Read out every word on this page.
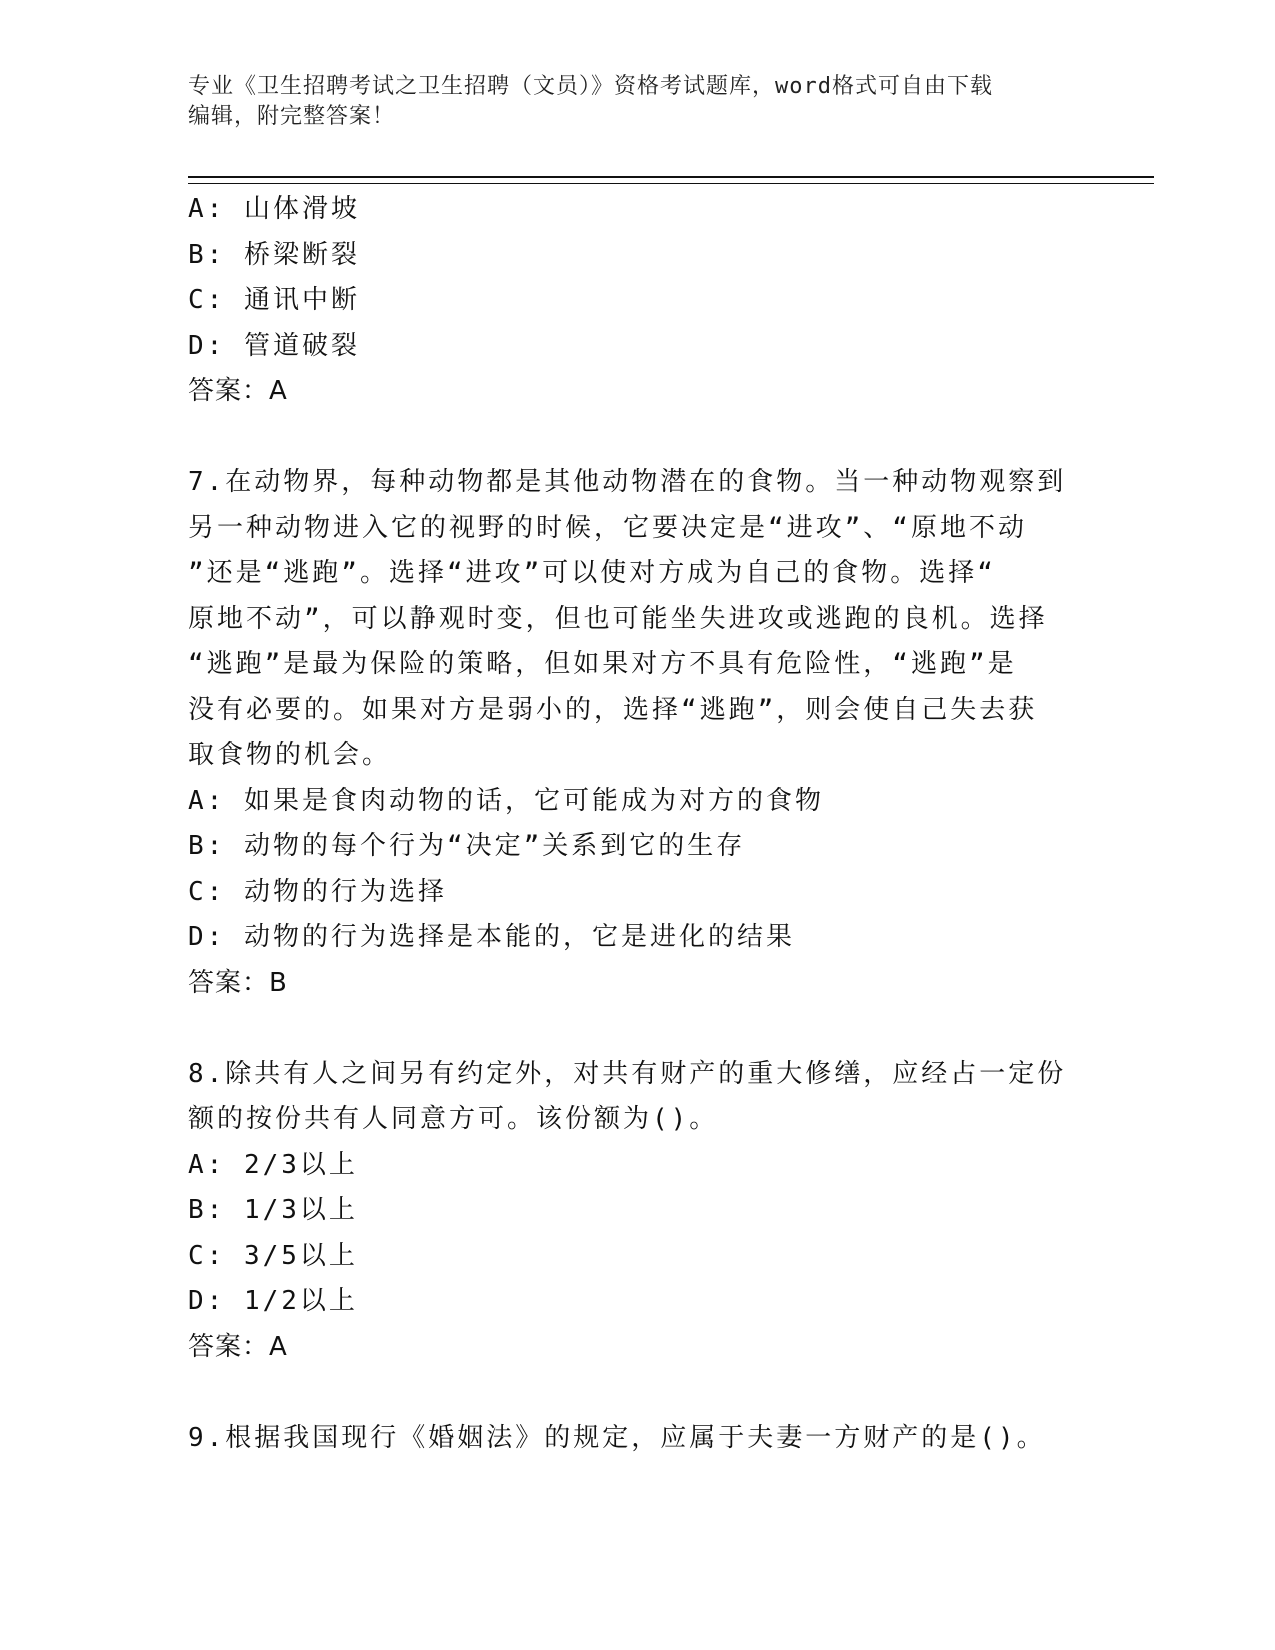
专业《卫生招聘考试之卫生招聘（文员）》资格考试题库，word格式可自由下载
编辑，附完整答案！
A: 山体滑坡
B: 桥梁断裂
C: 通讯中断
D: 管道破裂
答案：A
7.在动物界，每种动物都是其他动物潜在的食物。当一种动物观察到
另一种动物进入它的视野的时候，它要决定是“进攻”、“原地不动
”还是“逃跑”。选择“进攻”可以使对方成为自己的食物。选择“
原地不动”，可以静观时变，但也可能坐失进攻或逃跑的良机。选择
“逃跑”是最为保险的策略，但如果对方不具有危险性，“逃跑”是
没有必要的。如果对方是弱小的，选择“逃跑”，则会使自己失去获
取食物的机会。
A: 如果是食肉动物的话，它可能成为对方的食物
B: 动物的每个行为“决定”关系到它的生存
C: 动物的行为选择
D: 动物的行为选择是本能的，它是进化的结果
答案：B
8.除共有人之间另有约定外，对共有财产的重大修缮，应经占一定份
额的按份共有人同意方可。该份额为()。
A: 2/3以上
B: 1/3以上
C: 3/5以上
D: 1/2以上
答案：A
9.根据我国现行《婚姻法》的规定，应属于夫妻一方财产的是()。
